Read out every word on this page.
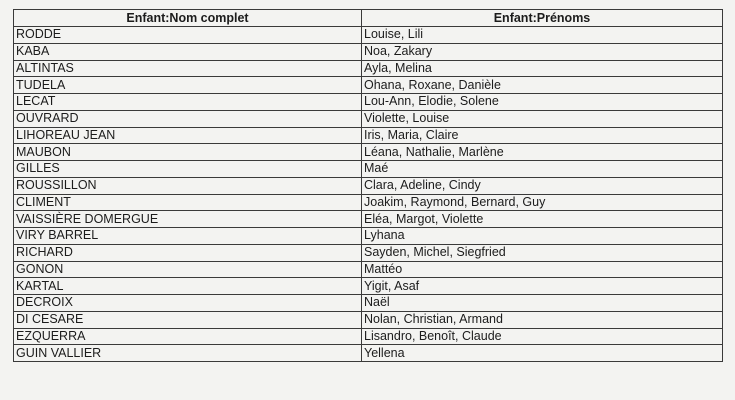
Enfant:Nom complet	Enfant:Prénoms
RODDE	Louise, Lili
KABA	Noa, Zakary
ALTINTAS	Ayla, Melina
TUDELA	Ohana, Roxane, Danièle
LECAT	Lou-Ann, Elodie, Solene
OUVRARD	Violette, Louise
LIHOREAU JEAN	Iris, Maria, Claire
MAUBON	Léana, Nathalie, Marlène
GILLES	Maé
ROUSSILLON	Clara, Adeline, Cindy
CLIMENT	Joakim, Raymond, Bernard, Guy
VAISSIÈRE DOMERGUE	Eléa, Margot, Violette
VIRY BARREL	Lyhana
RICHARD	Sayden, Michel, Siegfried
GONON	Mattéo
KARTAL	Yigit, Asaf
DECROIX	Naël
DI CESARE	Nolan, Christian, Armand
EZQUERRA	Lisandro, Benoît, Claude
GUIN VALLIER	Yellena
